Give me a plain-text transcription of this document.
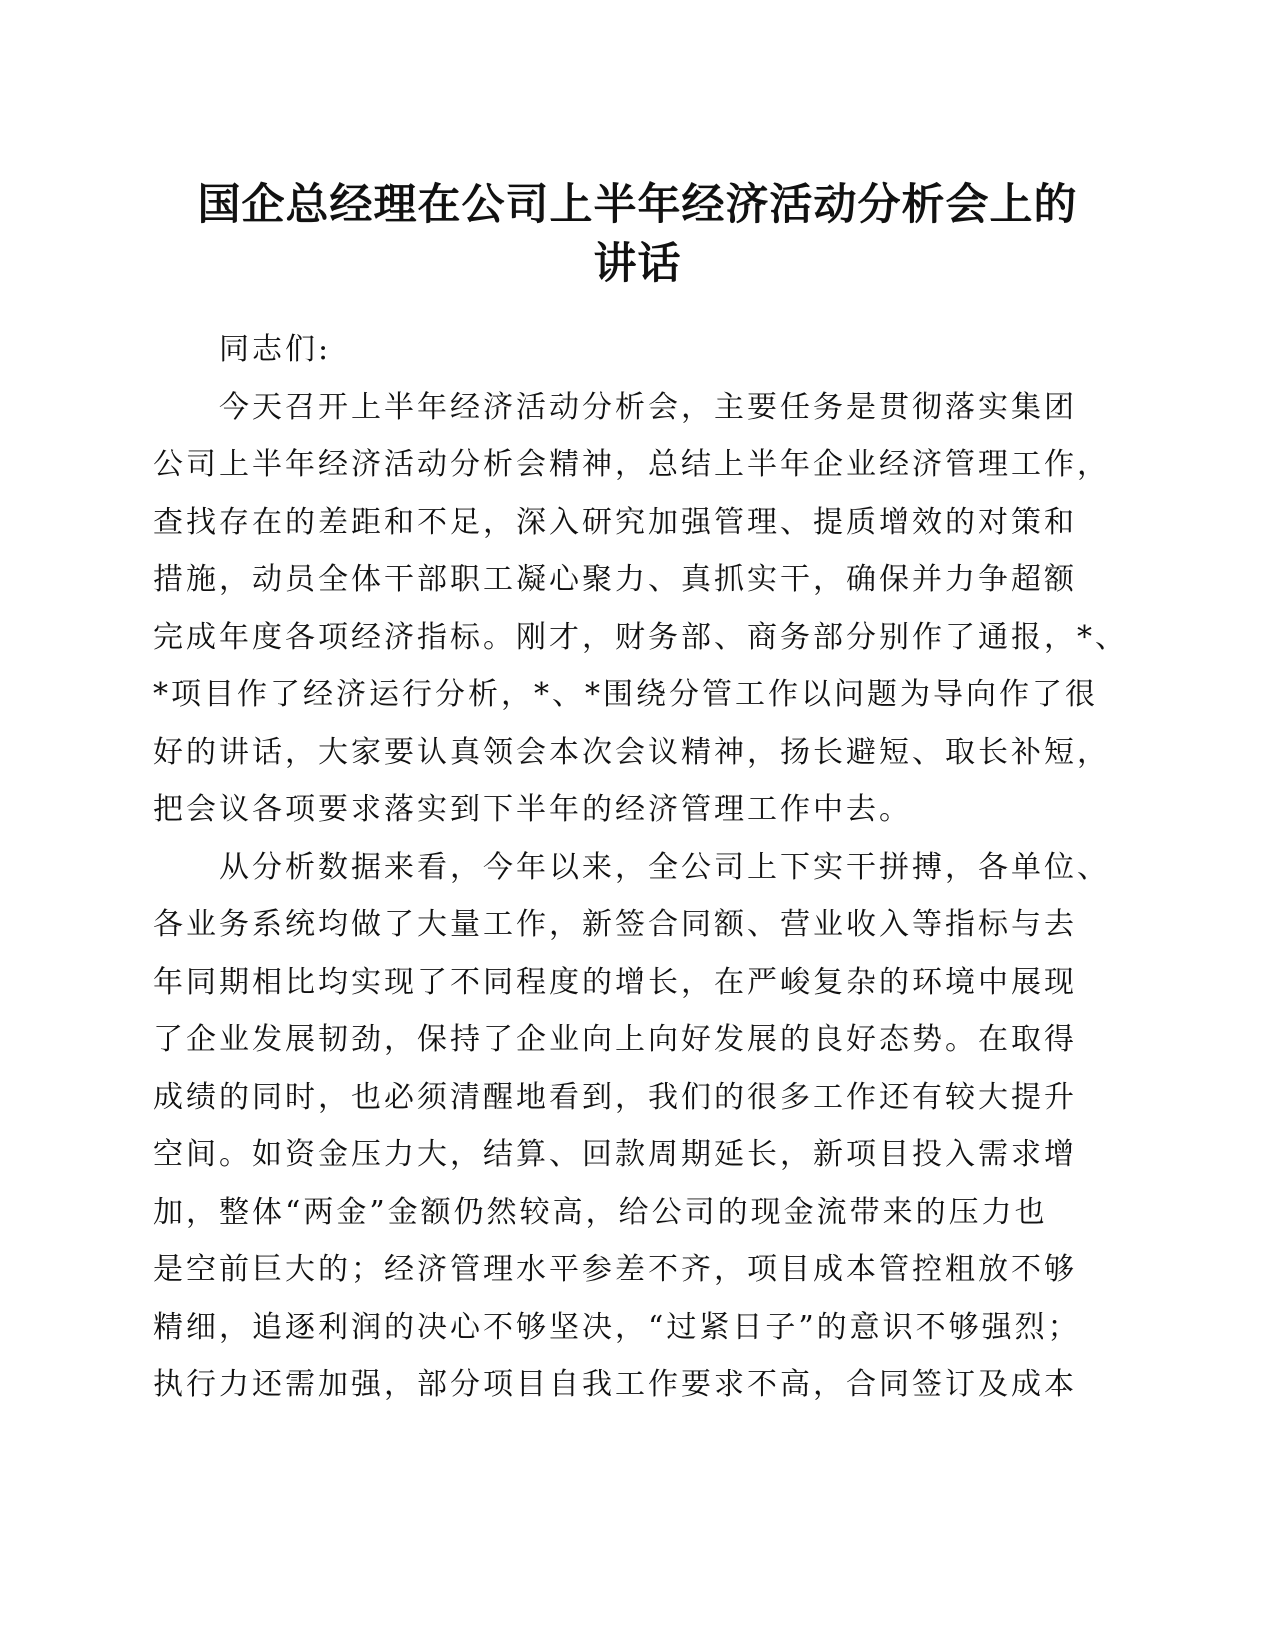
国企总经理在公司上半年经济活动分析会上的
讲话
同志们:
今天召开上半年经济活动分析会，主要任务是贯彻落实集团
公司上半年经济活动分析会精神，总结上半年企业经济管理工作，
查找存在的差距和不足，深入研究加强管理、提质增效的对策和
措施，动员全体干部职工凝心聚力、真抓实干，确保并力争超额
完成年度各项经济指标。刚才，财务部、商务部分别作了通报，*、
*项目作了经济运行分析，*、*围绕分管工作以问题为导向作了很
好的讲话，大家要认真领会本次会议精神，扬长避短、取长补短，
把会议各项要求落实到下半年的经济管理工作中去。
从分析数据来看，今年以来，全公司上下实干拼搏，各单位、
各业务系统均做了大量工作，新签合同额、营业收入等指标与去
年同期相比均实现了不同程度的增长，在严峻复杂的环境中展现
了企业发展韧劲，保持了企业向上向好发展的良好态势。在取得
成绩的同时，也必须清醒地看到，我们的很多工作还有较大提升
空间。如资金压力大，结算、回款周期延长，新项目投入需求增
加，整体“两金”金额仍然较高，给公司的现金流带来的压力也
是空前巨大的；经济管理水平参差不齐，项目成本管控粗放不够
精细，追逐利润的决心不够坚决，“过紧日子”的意识不够强烈；
执行力还需加强，部分项目自我工作要求不高，合同签订及成本
